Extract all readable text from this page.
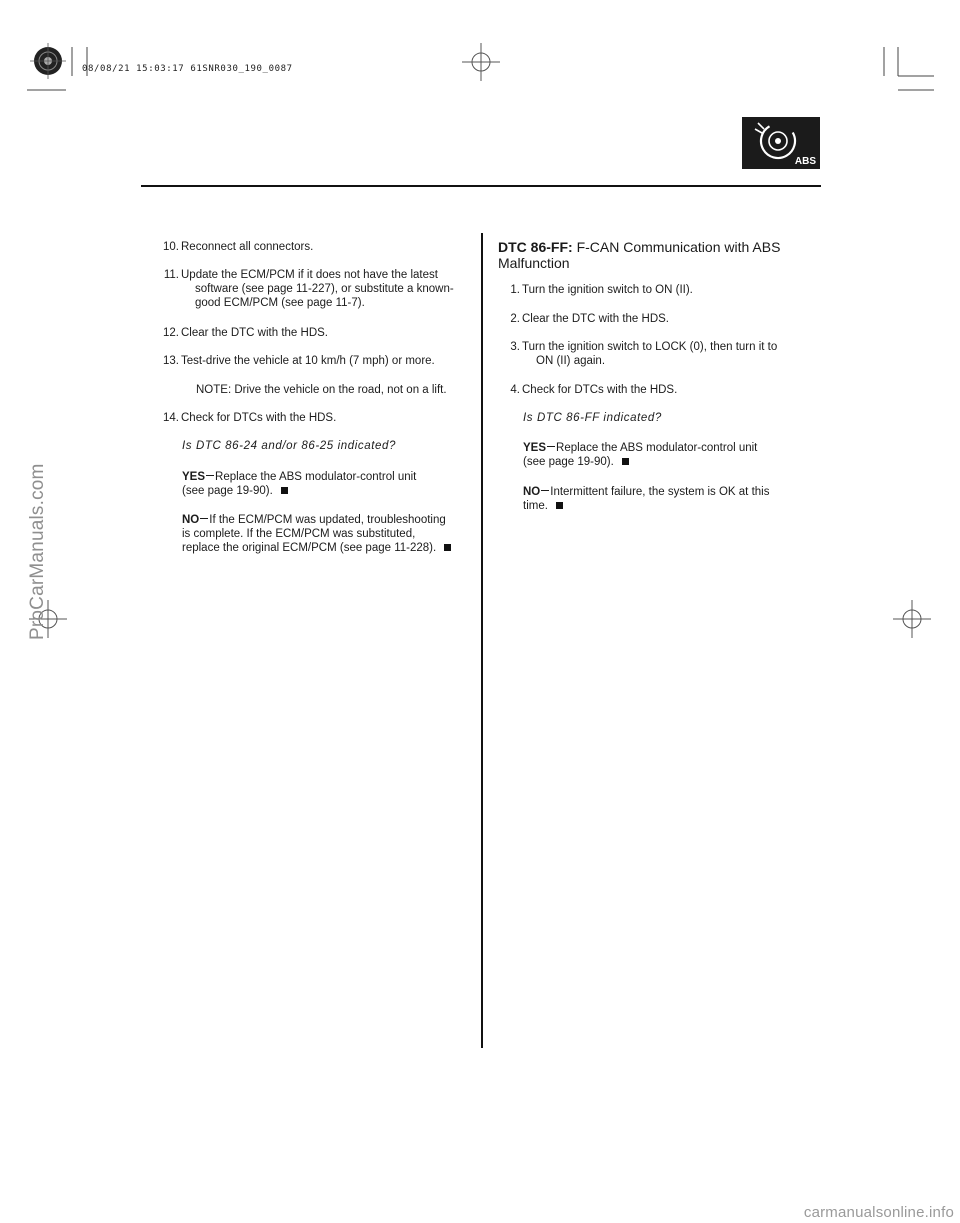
08/08/21 15:03:17 61SNR030_190_0087
ProCarManuals.com
carmanualsonline.info
ABS
10. Reconnect all connectors.
11. Update the ECM/PCM if it does not have the latest
software (see page 11-227), or substitute a known-
good ECM/PCM (see page 11-7).
12. Clear the DTC with the HDS.
13. Test-drive the vehicle at 10 km/h (7 mph) or more.
NOTE: Drive the vehicle on the road, not on a lift.
14. Check for DTCs with the HDS.
Is DTC 86-24 and/or 86-25 indicated?
YES Replace the ABS modulator-control unit
(see page 19-90).
NO If the ECM/PCM was updated, troubleshooting
is complete. If the ECM/PCM was substituted,
replace the original ECM/PCM (see page 11-228).
DTC 86-FF: F-CAN Communication with ABS
Malfunction
1. Turn the ignition switch to ON (II).
2. Clear the DTC with the HDS.
3. Turn the ignition switch to LOCK (0), then turn it to
ON (II) again.
4. Check for DTCs with the HDS.
Is DTC 86-FF indicated?
YES Replace the ABS modulator-control unit
(see page 19-90).
NO Intermittent failure, the system is OK at this
time.
